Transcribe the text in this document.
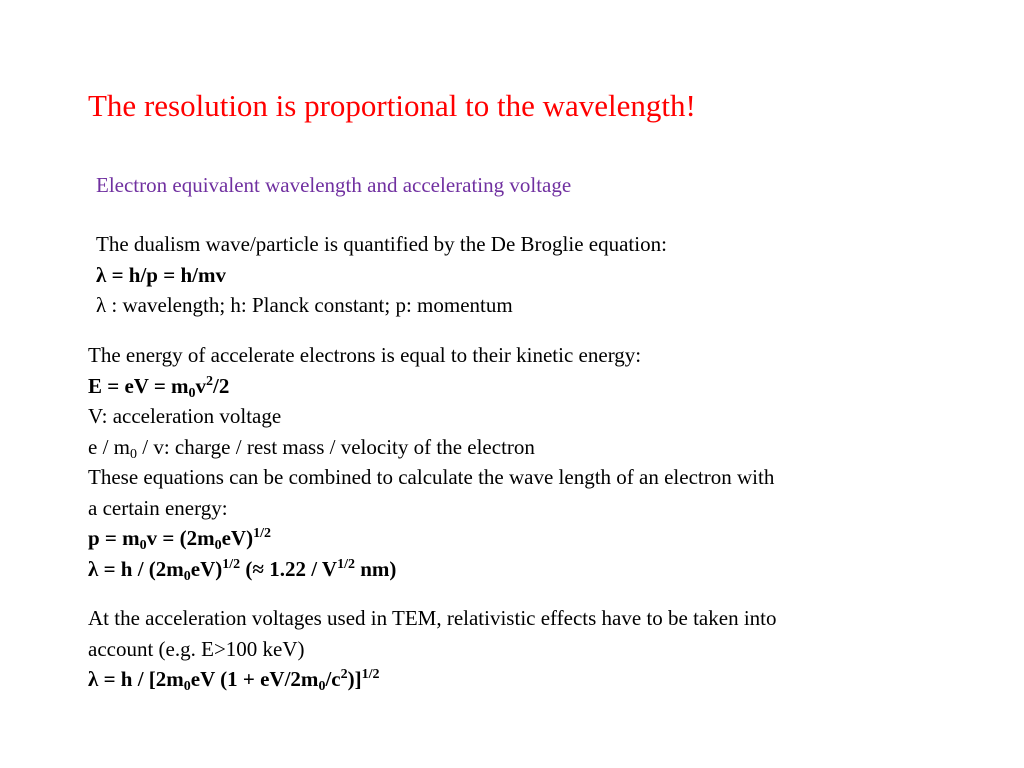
The resolution is proportional to the wavelength!
Electron equivalent wavelength and accelerating voltage
The dualism wave/particle is quantified by the De Broglie equation:
λ = h/p = h/mv
λ : wavelength; h: Planck constant; p: momentum
The energy of accelerate electrons is equal to their kinetic energy:
E = eV = $m0v^2/2$
V: acceleration voltage
e / m0 / v: charge / rest mass / velocity of the electron
These equations can be combined to calculate the wave length of an electron with
a certain energy:
$p = m0v = (2m0eV)^{1/2}$
$\lambda = h / (2m0eV)^{1/2}$ (≈ $1.22 / V^{1/2}$ nm)
At the acceleration voltages used in TEM, relativistic effects have to be taken into
account (e.g. E>100 keV)
λ = h / [2m0eV $(1 + eV/2m0/c^2)]^{1/2}$
